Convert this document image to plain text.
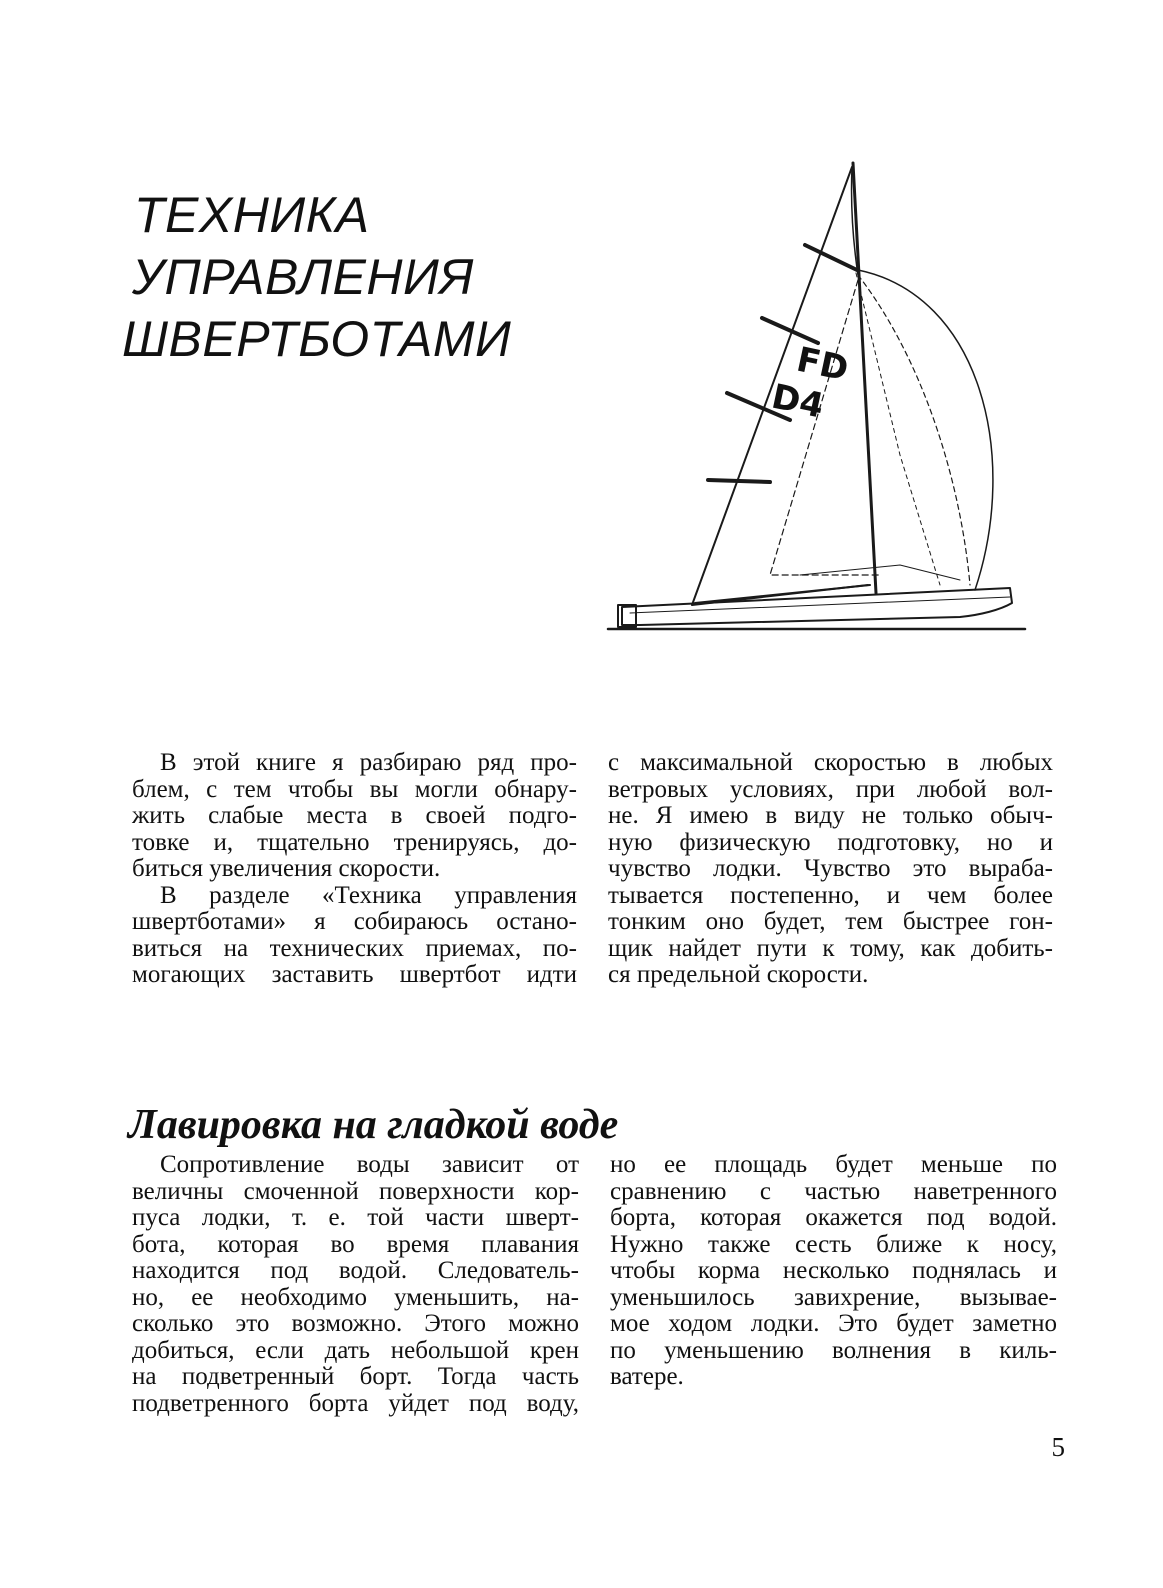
ТЕХНИКА
УПРАВЛЕНИЯ
ШВЕРТБОТАМИ	FD
D4

В этой книге я разбираю ряд про-
блем, с тем чтобы вы могли обнару-
жить слабые места в своей подго-
товке и, тщательно тренируясь, до-
биться увеличения скорости.

В разделе «Техника управления
швертботами» я собираюсь остано-
виться на технических приемах, по-
могающих заставить швертбот идти

с максимальной скоростью в любых
ветровых условиях, при любой вол-
не. Я имею в виду не только обыч-
ную физическую подготовку, но и
чувство лодки. Чувство это выраба-
тывается постепенно, и чем более
тонким оно будет, тем быстрее гон-
щик найдет пути к тому, как добить-
ся предельной скорости.

Лавировка на гладкой воде

Сопротивление воды зависит от
величны смоченной поверхности кор-
пуса лодки, т. е. той части шверт-
бота, которая во время плавания
находится под водой. Следователь-
но, ее необходимо уменьшить, на-
сколько это возможно. Этого можно
добиться, если дать небольшой крен
на подветренный борт. Тогда часть
подветренного борта уйдет под воду,

но ее площадь будет меньше по
сравнению с частью наветренного
борта, которая окажется под водой.
Нужно также сесть ближе к носу,
чтобы корма несколько поднялась и
уменьшилось завихрение, вызывае-
мое ходом лодки. Это будет заметно
по уменьшению волнения в киль-
ватере.

5
